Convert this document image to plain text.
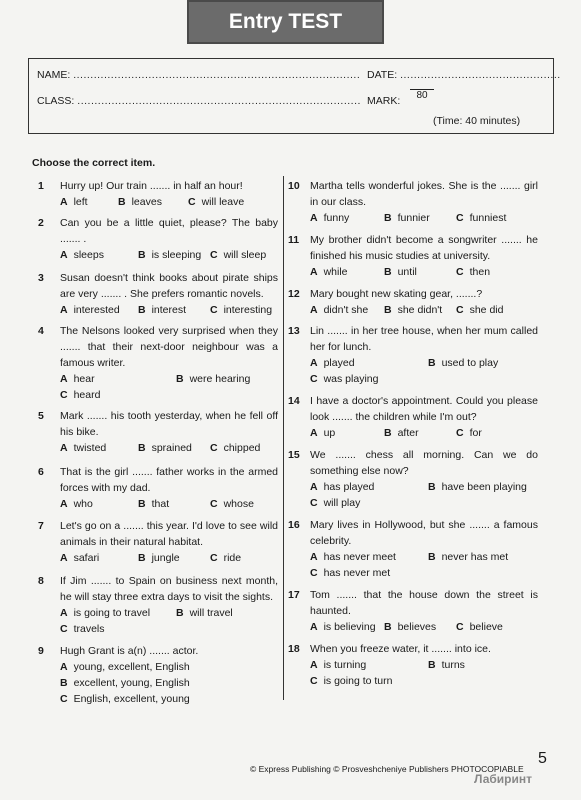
Entry TEST
NAME: .................................................................................... DATE: ...............................................
CLASS: ................................................................................... MARK:	80
(Time: 40 minutes)
Choose the correct item.
1 Hurry up! Our train ....... in half an hour!
A left	B leaves C will leave
2 Can you be a little quiet, please? The baby ....... .
A sleeps	B is sleeping C will sleep
3 Susan doesn't think books about pirate ships are very ....... . She prefers romantic novels.
A interested B interest C interesting
4 The Nelsons looked very surprised when they ....... that their next-door neighbour was a famous writer.
A hear	B were hearing
C heard
5 Mark ....... his tooth yesterday, when he fell off his bike.
A twisted	B sprained C chipped
6 That is the girl ....... father works in the armed forces with my dad.
A who	B that	C whose
7 Let's go on a ....... this year. I'd love to see wild animals in their natural habitat.
A safari	B jungle	C ride
8 If Jim ....... to Spain on business next month, he will stay three extra days to visit the sights.
A is going to travel B will travel
C travels
9 Hugh Grant is a(n) ....... actor.
A young, excellent, English
B excellent, young, English
C English, excellent, young
10 Martha tells wonderful jokes. She is the ....... girl in our class.
A funny	B funnier	C funniest
11 My brother didn't become a songwriter ....... he finished his music studies at university.
A while	B until	C then
12 Mary bought new skating gear, .......?
A didn't she B she didn't C she did
13 Lin ....... in her tree house, when her mum called her for lunch.
A played	B used to play
C was playing
14 I have a doctor's appointment. Could you please look ....... the children while I'm out?
A up	B after	C for
15 We ....... chess all morning. Can we do something else now?
A has played	B have been playing
C will play
16 Mary lives in Hollywood, but she ....... a famous celebrity.
A has never meet	B never has met
C has never met
17 Tom ....... that the house down the street is haunted.
A is believing B believes C believe
18 When you freeze water, it ....... into ice.
A is turning	B turns
C is going to turn
© Express Publishing © Prosveshcheniye Publishers PHOTOCOPIABLE
5
Лабиринт
